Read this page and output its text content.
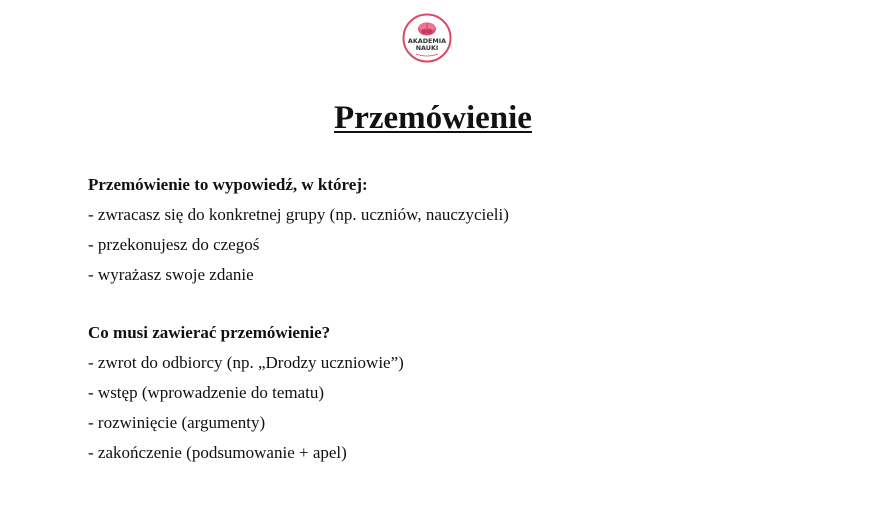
AKADEMIA
NAUKI
Przemówienie
Przemówienie to wypowiedź, w której:
- zwracasz się do konkretnej grupy (np. uczniów, nauczycieli)
- przekonujesz do czegoś
- wyrażasz swoje zdanie
Co musi zawierać przemówienie?
- zwrot do odbiorcy (np. „Drodzy uczniowie”)
- wstęp (wprowadzenie do tematu)
- rozwinięcie (argumenty)
- zakończenie (podsumowanie + apel)
